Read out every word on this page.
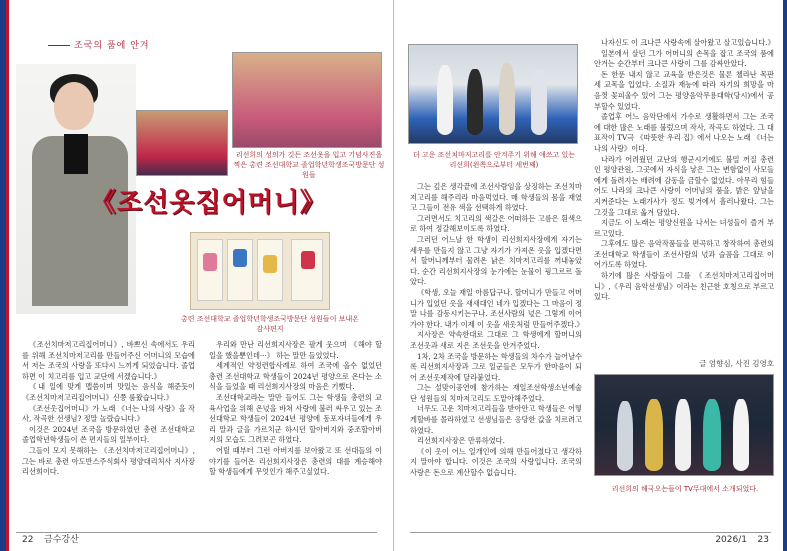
조국의 품에 안겨
리선희의 성의가 깃든 조선옷을 입고 기념사진을 찍은 총련 조선대학교 졸업학년학생조국방문단 성원들
《조선옷집어머니》
총련 조선대학교 졸업학년학생조국방문단 성원들이 보내온 감사편지

《조선치마저고리집어머니》, 바쁘신 속에서도 우리를 위해 조선치마저고리를 만들어주신 어머니의 모습에서 저는 조국의 사랑을 또다시 느끼게 되었습니다. 졸업하면 이 치고리를 입고 교단에 서겠습니다.》

《내 일에 맞게 맵씀이며 맛있는 음식을 해준듯이 《조선치마저고리집어머니》신쯩 룸왔습니다.》

《조선옷집어머니》가 노래 《너는 나의 사랑》을 작사, 작곡한 선생님? 정말 놀랐습니다.》

이것은 2024년 조국을 방문하였던 총련 조선대학교 졸업학년학생들이 쓴 편지들의 일부이다.

그들이 모지 못해하는 《조선치마저고리집어머니》, 그는 바로 총련 아도반스주식회사 평양대리처사 지사장 리선희이다.

우리와 만난 리선희지사장은 팔게 웃으며 《해야 할 일을 했을뿐인데···》 하는 말만 들었었다.

세계적인 약정련합사례로 하여 조국에 올수 없었던 총련 조선대학교 학생들이 2024년 평양으로 온다는 소식을 들었을 때 리선희지사장의 마음은 기뻤다.

조선대학교라는 말만 들어도 그는 학생들 총련의 교육사업을 위해 온넋을 바쳐 사랑에 불러 싸우고 있는 조선대학교 학생들이 2024년 평양에 동포자녀들에게 우리 말과 글을 가르치군 하시던 할아버지와 중조할아버지의 모습도 그려보곤 하였다.

어릴 때부터 그런 아버지를 보아왔고 또 선대들의 이야기를 들어온 리선희지사장은 총련의 대를 계승해야 할 학생들에게 무엇인가 해주고싶었다.

22 금수강산
더 고운 조선치마저고리를 안겨주기 위해 애쓰고 있는 리선희(왼쪽으로부터 세번째)

그는 깊은 생각끝에 조선사람임을 상징하는 조선치마저고리를 해주리라 마음먹었다. 매 학생들의 몸을 재였고 그들이 전유 색을 선택하게 하였다.

그러면서도 치고리의 색갈은 어떠하든 고름은 흰색으로 하여 정갈해보이도록 하였다.

그러던 어느날 한 학생이 리선희지사장에게 자기는 세우를 만들지 않고 그냥 자기가 가져온 옷을 입겠다면서 할머니께부터 물려온 낡은 치마저고리를 꺼내놓았다. 순간 리선희지사장의 눈가에는 눈물이 핑그르르 돌았다.

《학생, 오늘 재일 아름답구나. 할머니가 만들고 어머니가 입었던 옷을 새새대인 네가 입겠다는 그 마음이 정말 나를 감동시키는구나. 조선사람의 넋은 그렇게 이어가야 한다. 내가 이제 이 옷을 새옷처럼 만들어주겠다.》

지사장은 약속한대로 그대로 그 학생에게 할머니의 조선옷과 새로 지은 조선옷을 안겨주었다.

1차, 2차 조국을 방문하는 학생들의 차수가 늘어날수록 리선희지사장과 그로 일군들은 모두가 한마음이 되어 조선옷제작에 달라붙었다.

그는 설맞이공연에 참가하는 재일조선학생소년예술단 성원들의 치마저고리도 도맡아해주었다.

너무도 고운 치마저고리들을 받아안고 학생들은 어떻게할바를 몰라하였고 선생님들은 응당한 값을 치르려고 하였다.

리선희지사장은 만류하였다.

《이 옷이 어느 일개인에 의해 만들어졌다고 생각하지 말아야 합니다. 이것은 조국의 사랑입니다. 조국의 사랑은 돈으로 계산할수 없습니다.

나자신도 이 크나큰 사랑속에 살아왔고 살고있습니다.》

일본에서 살던 그가 어머니의 손목을 잡고 조국의 품에 안겨는 순간부터 크나큰 사랑이 그를 감싸안았다.

돈 한푼 내지 않고 교육을 받은것은 물론 첼라난 목판 세 교목을 입었다. 소질과 재능에 따라 자기의 희망을 마음껏 꽃피울수 있어 그는 평양음악무용대학(당시)에서 공부할수 있었다.

졸업후 어느 음악단에서 가수로 생활하면서 그는 조국에 대한 많은 노래를 불렀으며 작사, 작곡도 하였다. 그 대표작이 TV극 《따뜻한 우리 집》에서 나오는 노래 《너는 나의 사랑》이다.

나라가 어려웠던 교난의 행군시기에도 불밀 꺼질 총련인 평양관원, 그곳에서 자식을 낳은 그는 변함없이 사모들에게 돌려지는 배려에 감동을 금할수 없었다. 아무리 힘들어도 나라의 크나큰 사랑이 어머님의 품을, 밝은 앞날을 지켜준다는 노래가사가 정도 빚거에서 흘러나왔다. 그는 그것을 그대로 옮겨 담았다.

지금도 이 노래는 평양신원을 나서는 녀성들이 즐겨 부르고있다.

그후에도 많은 음악작품들을 편곡하고 창작하여 총련의 조선대학교 학생들이 조선사람의 넋과 슬픔을 그대로 이어가도록 하였다.

하기에 많은 사람들이 그를 《조선치마저고리집어머니》,《우리 음악선생님》이라는 친근한 호칭으로 부르고있다.

글 엄향심, 사진 김영호
리선희의 해국오는들이 TV무대에서 소개되었다.
2026/1 23
